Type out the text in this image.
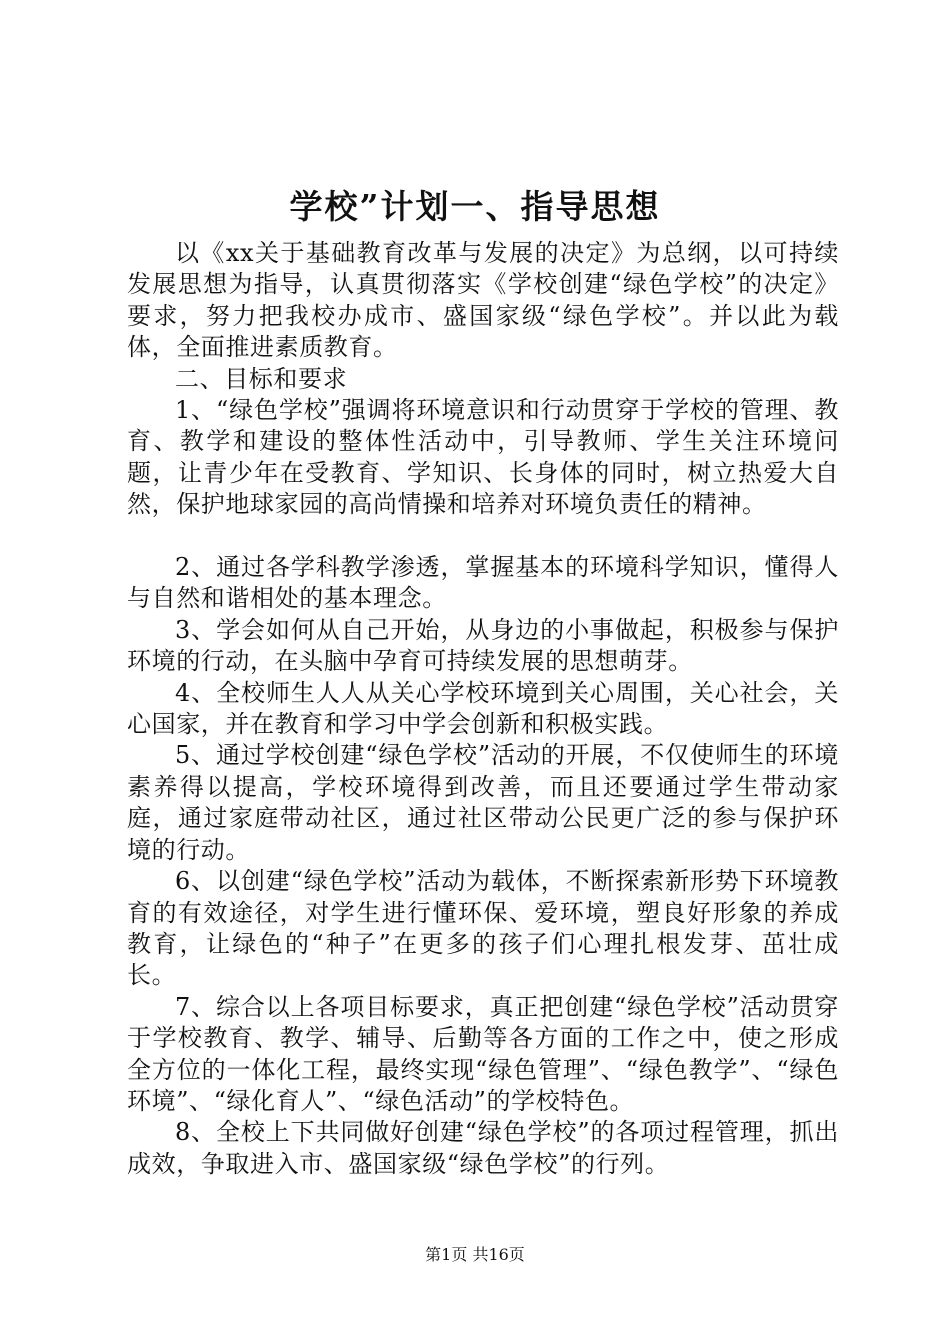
学校”计划一、指导思想

以《xx关于基础教育改革与发展的决定》为总纲，以可持续发展思想为指导，认真贯彻落实《学校创建“绿色学校”的决定》要求，努力把我校办成市、盛国家级“绿色学校”。并以此为载体，全面推进素质教育。

二、目标和要求

1、“绿色学校”强调将环境意识和行动贯穿于学校的管理、教育、教学和建设的整体性活动中，引导教师、学生关注环境问题，让青少年在受教育、学知识、长身体的同时，树立热爱大自然，保护地球家园的高尚情操和培养对环境负责任的精神。

2、通过各学科教学渗透，掌握基本的环境科学知识，懂得人与自然和谐相处的基本理念。

3、学会如何从自己开始，从身边的小事做起，积极参与保护环境的行动，在头脑中孕育可持续发展的思想萌芽。

4、全校师生人人从关心学校环境到关心周围，关心社会，关心国家，并在教育和学习中学会创新和积极实践。

5、通过学校创建“绿色学校”活动的开展，不仅使师生的环境素养得以提高，学校环境得到改善，而且还要通过学生带动家庭，通过家庭带动社区，通过社区带动公民更广泛的参与保护环境的行动。

6、以创建“绿色学校”活动为载体，不断探索新形势下环境教育的有效途径，对学生进行懂环保、爱环境，塑良好形象的养成教育，让绿色的“种子”在更多的孩子们心理扎根发芽、茁壮成长。

7、综合以上各项目标要求，真正把创建“绿色学校”活动贯穿于学校教育、教学、辅导、后勤等各方面的工作之中，使之形成全方位的一体化工程，最终实现“绿色管理”、“绿色教学”、“绿色环境”、“绿化育人”、“绿色活动”的学校特色。

8、全校上下共同做好创建“绿色学校”的各项过程管理，抓出成效，争取进入市、盛国家级“绿色学校”的行列。

第1页 共16页
